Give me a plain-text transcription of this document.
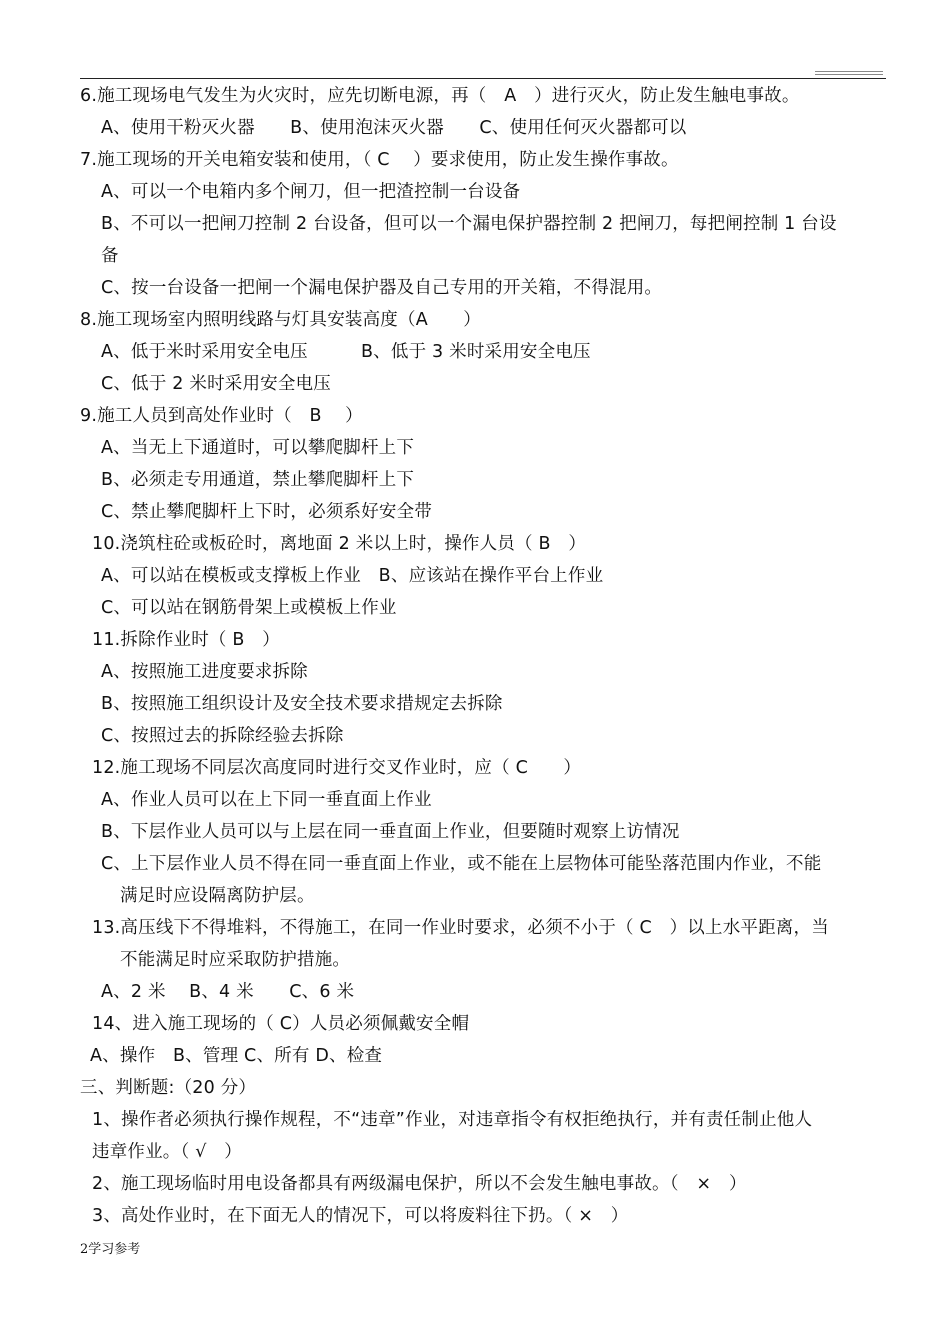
6.施工现场电气发生为火灾时，应先切断电源，再（　A　）进行灭火，防止发生触电事故。
A、使用干粉灭火器　　B、使用泡沫灭火器　　C、使用任何灭火器都可以
7.施工现场的开关电箱安装和使用，（ C　 ）要求使用，防止发生操作事故。
A、可以一个电箱内多个闸刀，但一把渣控制一台设备
B、不可以一把闸刀控制 2 台设备，但可以一个漏电保护器控制 2 把闸刀，每把闸控制 1 台设
备
C、按一台设备一把闸一个漏电保护器及自己专用的开关箱，不得混用。
8.施工现场室内照明线路与灯具安装高度（A　　）
A、低于米时采用安全电压　　　B、低于 3 米时采用安全电压
C、低于 2 米时采用安全电压
9.施工人员到高处作业时（　B　 ）
A、当无上下通道时，可以攀爬脚杆上下
B、必须走专用通道，禁止攀爬脚杆上下
C、禁止攀爬脚杆上下时，必须系好安全带
10.浇筑柱砼或板砼时，离地面 2 米以上时，操作人员（ B　）
A、可以站在模板或支撑板上作业　B、应该站在操作平台上作业
C、可以站在钢筋骨架上或模板上作业
11.拆除作业时（ B　）
A、按照施工进度要求拆除
B、按照施工组织设计及安全技术要求措规定去拆除
C、按照过去的拆除经验去拆除
12.施工现场不同层次高度同时进行交叉作业时，应（ C　　）
A、作业人员可以在上下同一垂直面上作业
B、下层作业人员可以与上层在同一垂直面上作业，但要随时观察上访情况
C、上下层作业人员不得在同一垂直面上作业，或不能在上层物体可能坠落范围内作业，不能
满足时应设隔离防护层。
13.高压线下不得堆料，不得施工，在同一作业时要求，必须不小于（ C　）以上水平距离，当
不能满足时应采取防护措施。
A、2 米　 B、4 米　　C、6 米
14、进入施工现场的（ C）人员必须佩戴安全帽
A、操作　B、管理 C、所有 D、检查
三、判断题:（20 分）
1、操作者必须执行操作规程，不“违章”作业，对违章指令有权拒绝执行，并有责任制止他人
违章作业。（ √　）
2、施工现场临时用电设备都具有两级漏电保护，所以不会发生触电事故。（　×　）
3、高处作业时，在下面无人的情况下，可以将废料往下扔。（ ×　）
2学习参考
